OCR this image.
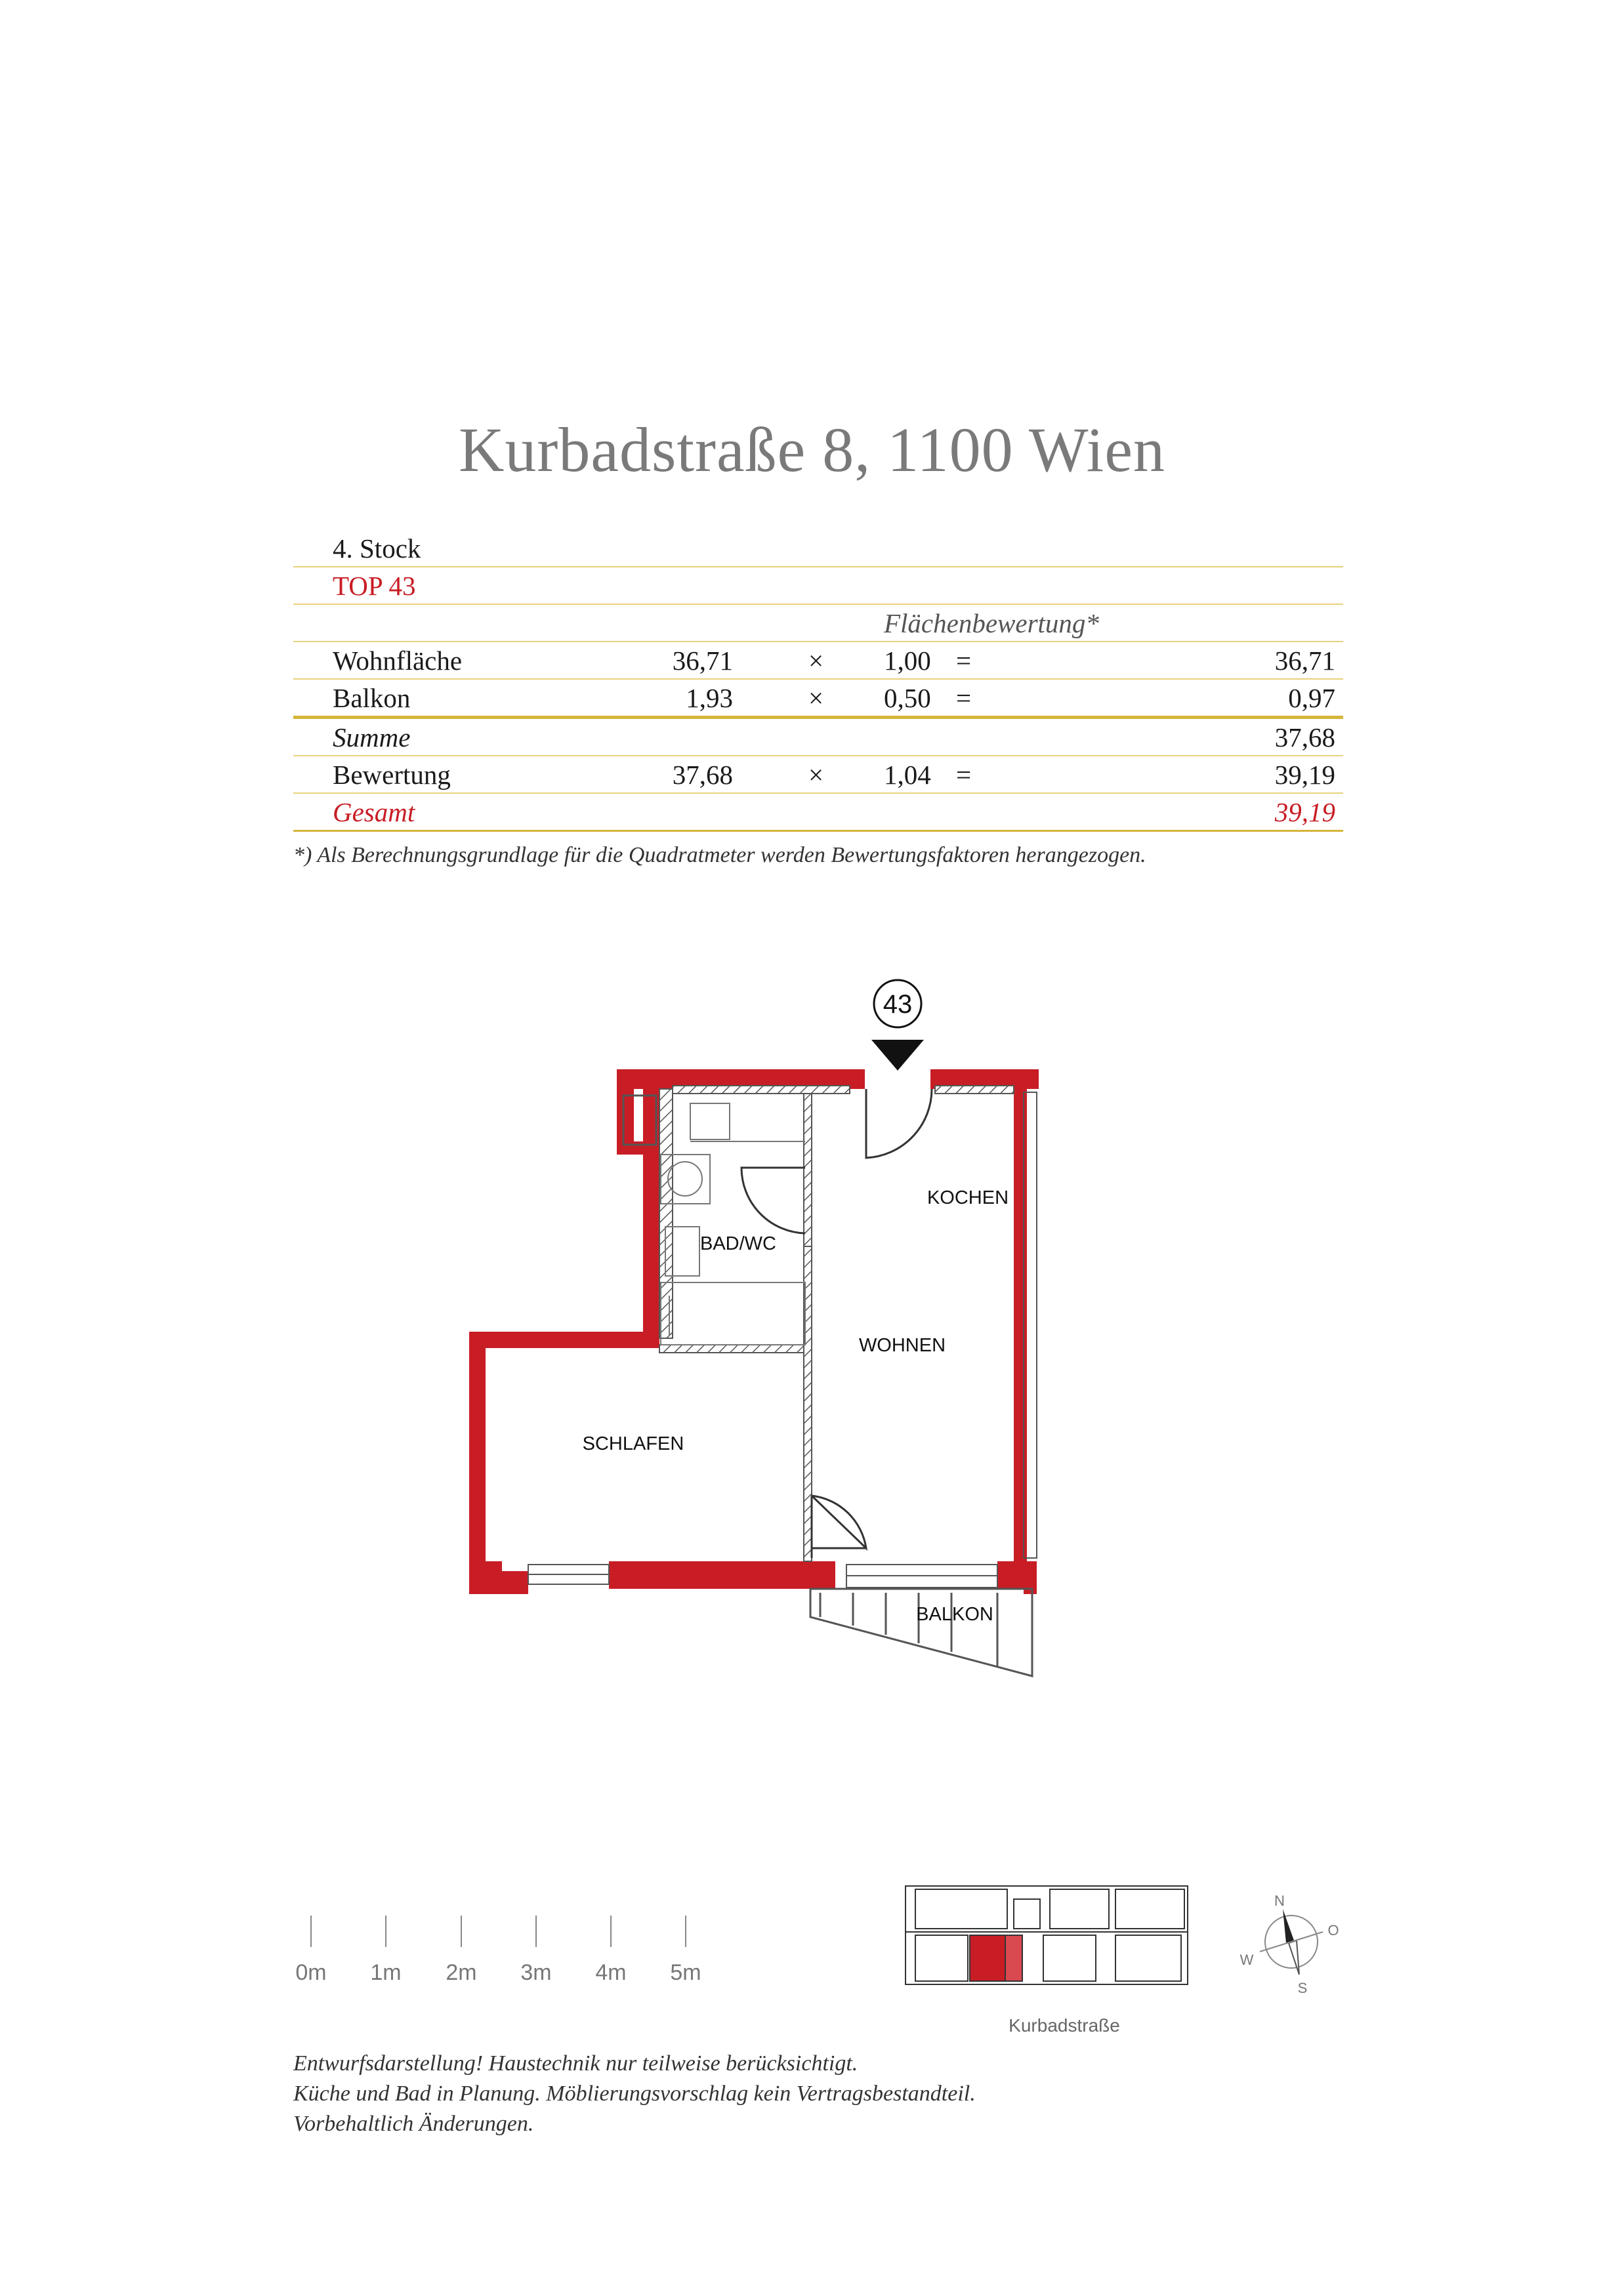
Kurbadstraße 8, 1100 Wien
4. Stock
TOP 43
Flächenbewertung*
Wohnfläche	36,71	× 1,00 =	36,71
Balkon	1,93	× 0,50 =	0,97
Summe	37,68
Bewertung	37,68	× 1,04 =	39,19
Gesamt	39,19
*) Als Berechnungsgrundlage für die Quadratmeter werden Bewertungsfaktoren herangezogen.
43
KOCHEN
BAD/WC
WOHNEN
SCHLAFEN
BALKON
N
O
S
W
0m 1m 2m 3m 4m 5m
Kurbadstraße
Entwurfsdarstellung! Haustechnik nur teilweise berücksichtigt.
Küche und Bad in Planung. Möblierungsvorschlag kein Vertragsbestandteil.
Vorbehaltlich Änderungen.
